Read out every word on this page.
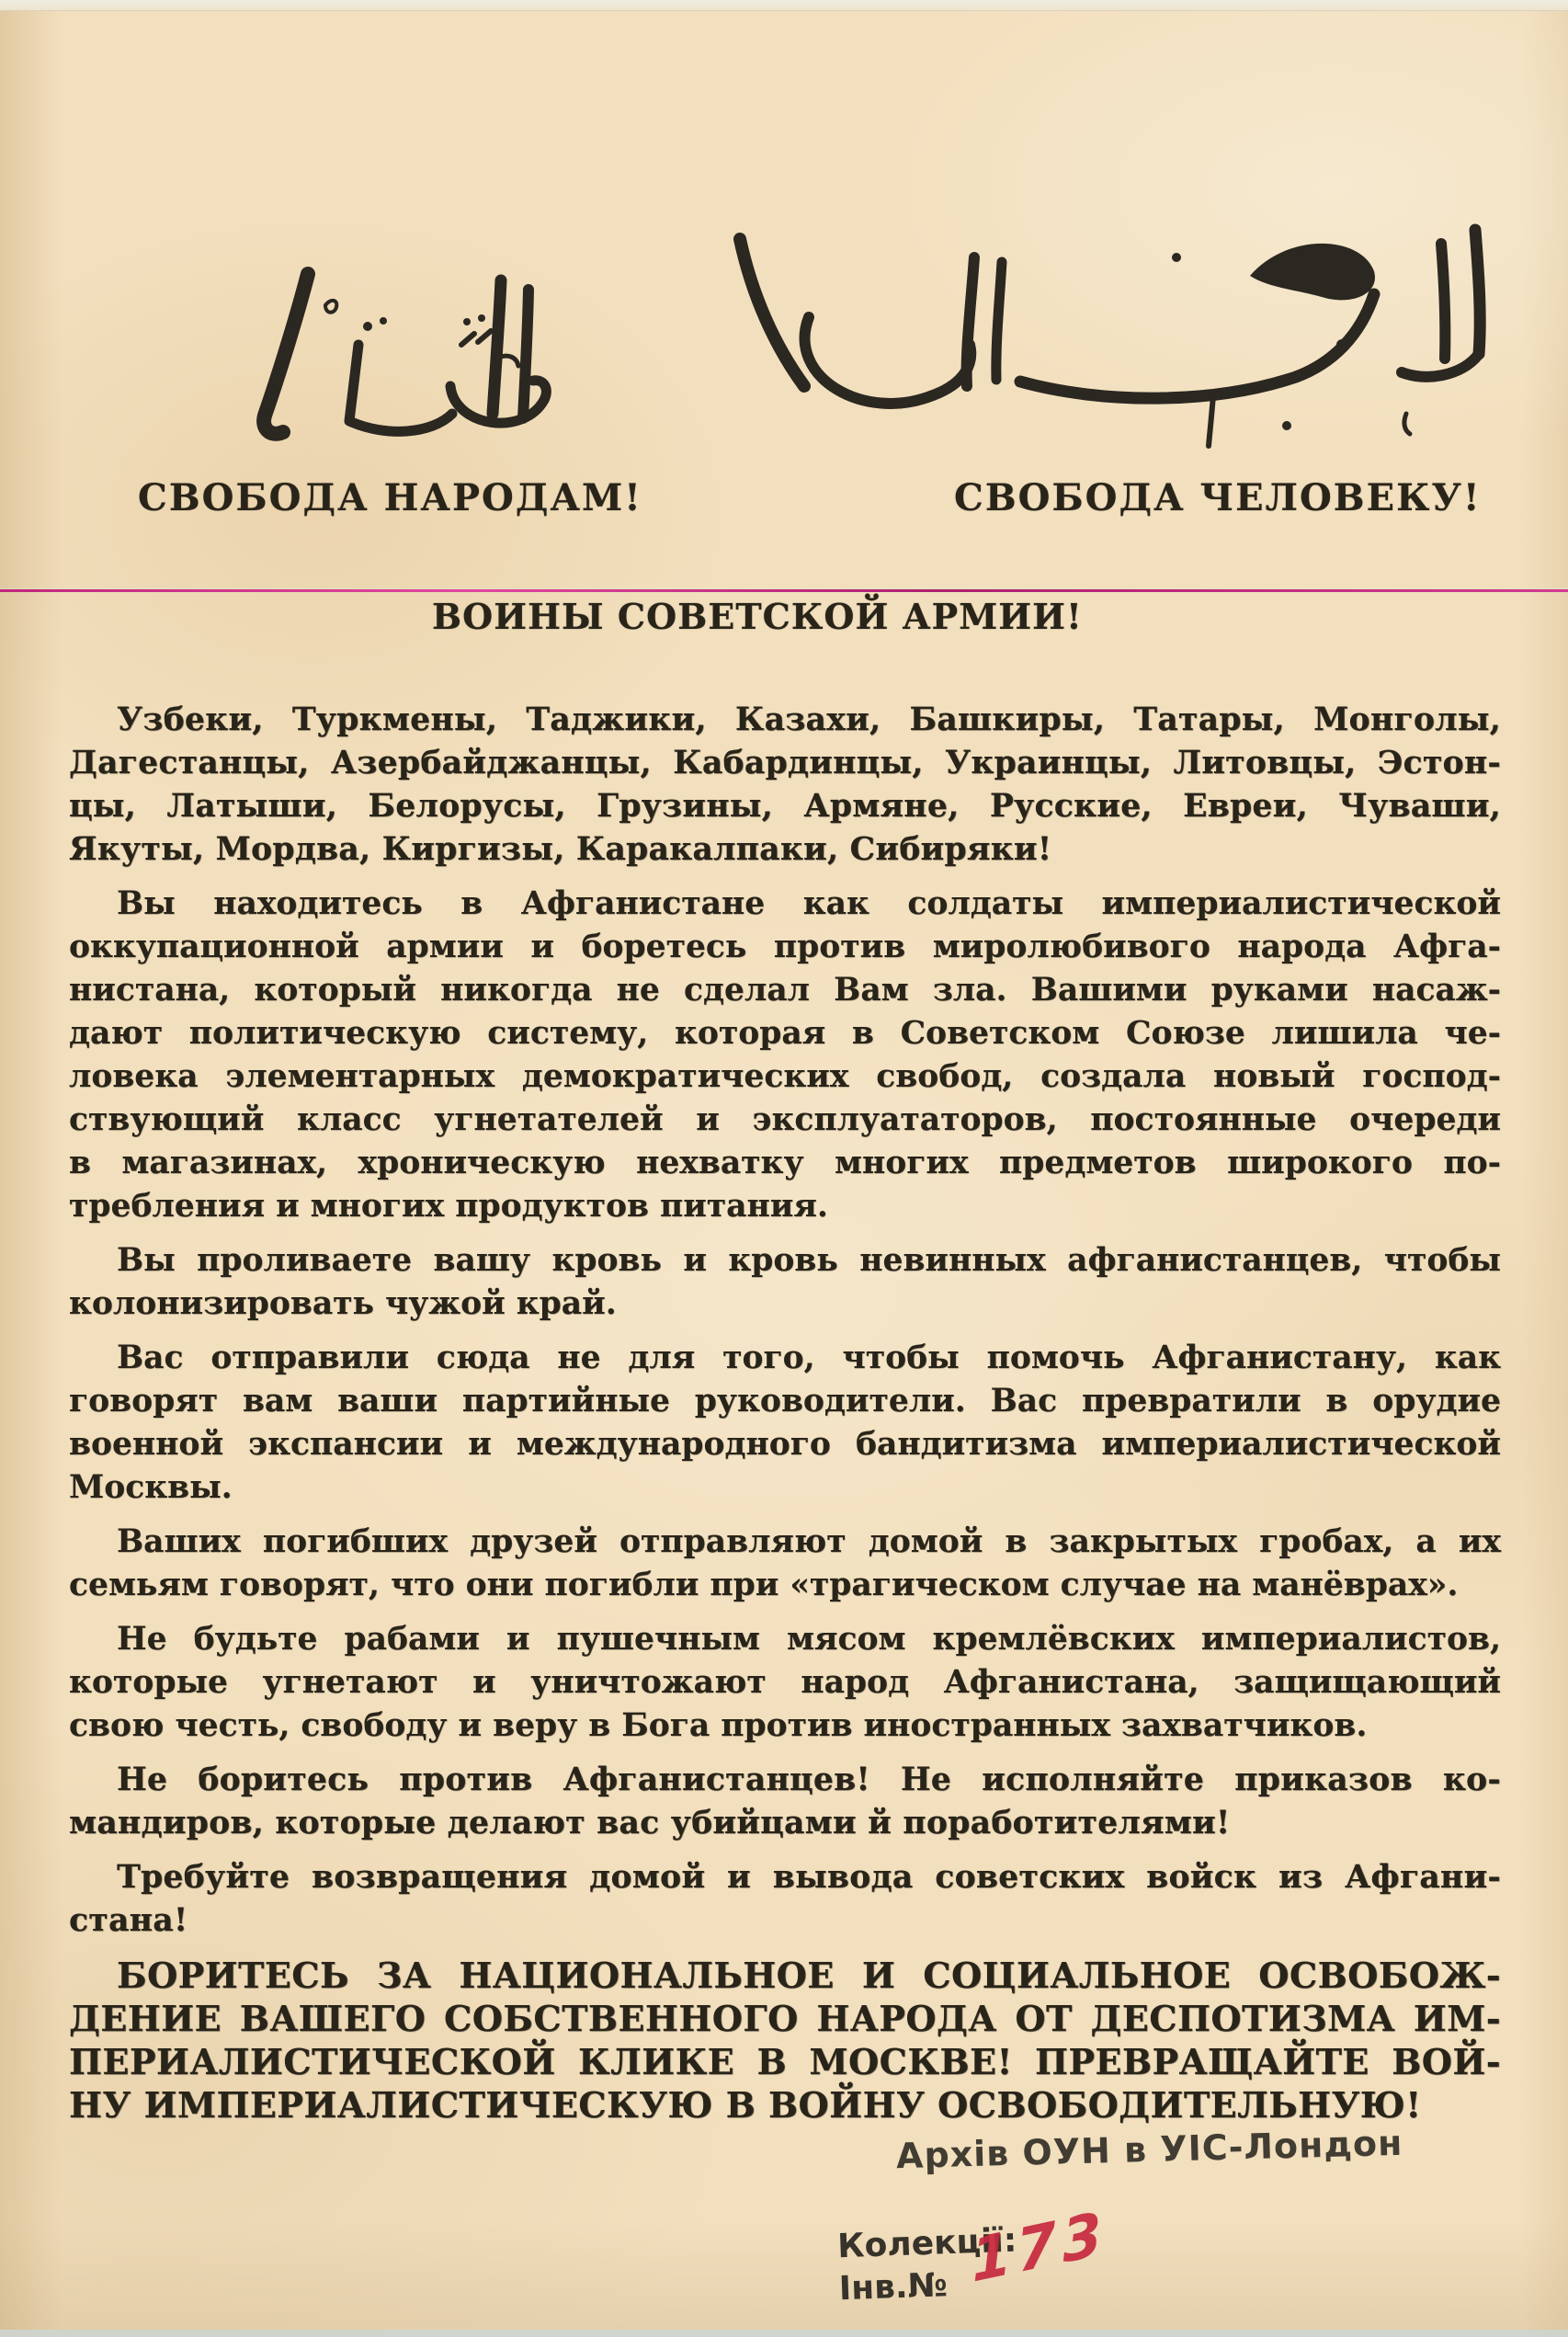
СВОБОДА НАРОДАМ!	СВОБОДА ЧЕЛОВЕКУ!
ВОИНЫ СОВЕТСКОЙ АРМИИ!
Узбеки, Туркмены, Таджики, Казахи, Башкиры, Татары, Монголы,
Дагестанцы, Азербайджанцы, Кабардинцы, Украинцы, Литовцы, Эстон-
цы, Латыши, Белорусы, Грузины, Армяне, Русские, Евреи, Чуваши,
Якуты, Мордва, Киргизы, Каракалпаки, Сибиряки!
Вы находитесь в Афганистане как солдаты империалистической
оккупационной армии и боретесь против миролюбивого народа Афга-
нистана, который никогда не сделал Вам зла. Вашими руками насаж-
дают политическую систему, которая в Советском Союзе лишила че-
ловека элементарных демократических свобод, создала новый господ-
ствующий класс угнетателей и эксплуататоров, постоянные очереди
в магазинах, хроническую нехватку многих предметов широкого по-
требления и многих продуктов питания.
Вы проливаете вашу кровь и кровь невинных афганистанцев, чтобы
колонизировать чужой край.
Вас отправили сюда не для того, чтобы помочь Афганистану, как
говорят вам ваши партийные руководители. Вас превратили в орудие
военной экспансии и международного бандитизма империалистической
Москвы.
Ваших погибших друзей отправляют домой в закрытых гробах, а их
семьям говорят, что они погибли при «трагическом случае на манёврах».
Не будьте рабами и пушечным мясом кремлёвских империалистов,
которые угнетают и уничтожают народ Афганистана, защищающий
свою честь, свободу и веру в Бога против иностранных захватчиков.
Не боритесь против Афганистанцев! Не исполняйте приказов ко-
мандиров, которые делают вас убийцами й поработителями!
Требуйте возвращения домой и вывода советских войск из Афгани-
стана!
БОРИТЕСЬ ЗА НАЦИОНАЛЬНОЕ И СОЦИАЛЬНОЕ ОСВОБОЖ-
ДЕНИЕ ВАШЕГО СОБСТВЕННОГО НАРОДА ОТ ДЕСПОТИЗМА ИМ-
ПЕРИАЛИСТИЧЕСКОЙ КЛИКЕ В МОСКВЕ! ПРЕВРАЩАЙТЕ ВОЙ-
НУ ИМПЕРИАЛИСТИЧЕСКУЮ В ВОЙНУ ОСВОБОДИТЕЛЬНУЮ!
Архів ОУН в УІС-Лондон
Колекції:
Інв.№ 173
